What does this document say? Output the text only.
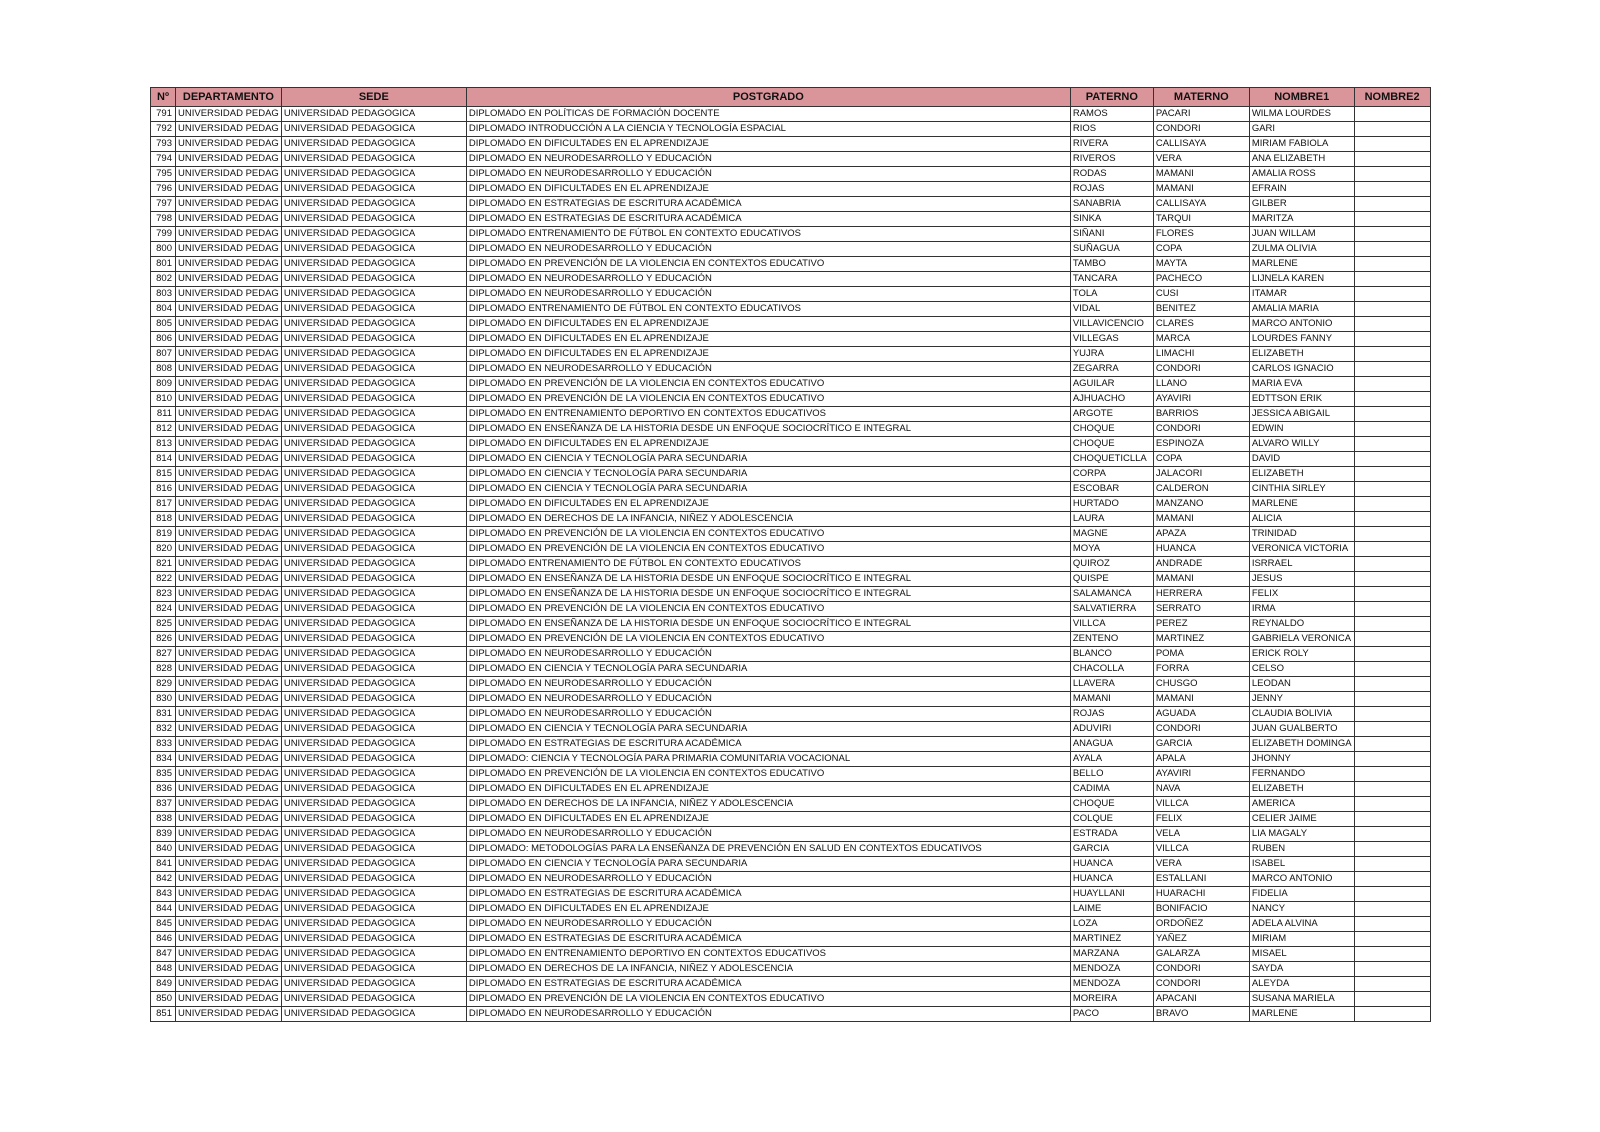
Nº	DEPARTAMENTO	SEDE	POSTGRADO	PATERNO	MATERNO	NOMBRE1	NOMBRE2
791	UNIVERSIDAD PEDAG	UNIVERSIDAD PEDAGOGICA	DIPLOMADO EN POLÍTICAS DE FORMACIÓN DOCENTE	RAMOS	PACARI	WILMA LOURDES	
792	UNIVERSIDAD PEDAG	UNIVERSIDAD PEDAGOGICA	DIPLOMADO INTRODUCCIÓN A LA CIENCIA Y TECNOLOGÍA ESPACIAL	RIOS	CONDORI	GARI	
793	UNIVERSIDAD PEDAG	UNIVERSIDAD PEDAGOGICA	DIPLOMADO EN DIFICULTADES EN EL APRENDIZAJE	RIVERA	CALLISAYA	MIRIAM FABIOLA	
794	UNIVERSIDAD PEDAG	UNIVERSIDAD PEDAGOGICA	DIPLOMADO EN NEURODESARROLLO Y EDUCACIÓN	RIVEROS	VERA	ANA ELIZABETH	
795	UNIVERSIDAD PEDAG	UNIVERSIDAD PEDAGOGICA	DIPLOMADO EN NEURODESARROLLO Y EDUCACIÓN	RODAS	MAMANI	AMALIA ROSS	
796	UNIVERSIDAD PEDAG	UNIVERSIDAD PEDAGOGICA	DIPLOMADO EN DIFICULTADES EN EL APRENDIZAJE	ROJAS	MAMANI	EFRAIN	
797	UNIVERSIDAD PEDAG	UNIVERSIDAD PEDAGOGICA	DIPLOMADO EN ESTRATEGIAS DE ESCRITURA ACADÉMICA	SANABRIA	CALLISAYA	GILBER	
798	UNIVERSIDAD PEDAG	UNIVERSIDAD PEDAGOGICA	DIPLOMADO EN ESTRATEGIAS DE ESCRITURA ACADÉMICA	SINKA	TARQUI	MARITZA	
799	UNIVERSIDAD PEDAG	UNIVERSIDAD PEDAGOGICA	DIPLOMADO ENTRENAMIENTO DE FÚTBOL EN CONTEXTO EDUCATIVOS	SIÑANI	FLORES	JUAN WILLAM	
800	UNIVERSIDAD PEDAG	UNIVERSIDAD PEDAGOGICA	DIPLOMADO EN NEURODESARROLLO Y EDUCACIÓN	SUÑAGUA	COPA	ZULMA OLIVIA	
801	UNIVERSIDAD PEDAG	UNIVERSIDAD PEDAGOGICA	DIPLOMADO EN PREVENCIÓN DE LA VIOLENCIA EN CONTEXTOS EDUCATIVO	TAMBO	MAYTA	MARLENE	
802	UNIVERSIDAD PEDAG	UNIVERSIDAD PEDAGOGICA	DIPLOMADO EN NEURODESARROLLO Y EDUCACIÓN	TANCARA	PACHECO	LIJNELA KAREN	
803	UNIVERSIDAD PEDAG	UNIVERSIDAD PEDAGOGICA	DIPLOMADO EN NEURODESARROLLO Y EDUCACIÓN	TOLA	CUSI	ITAMAR	
804	UNIVERSIDAD PEDAG	UNIVERSIDAD PEDAGOGICA	DIPLOMADO ENTRENAMIENTO DE FÚTBOL EN CONTEXTO EDUCATIVOS	VIDAL	BENITEZ	AMALIA MARIA	
805	UNIVERSIDAD PEDAG	UNIVERSIDAD PEDAGOGICA	DIPLOMADO EN DIFICULTADES EN EL APRENDIZAJE	VILLAVICENCIO	CLARES	MARCO ANTONIO	
806	UNIVERSIDAD PEDAG	UNIVERSIDAD PEDAGOGICA	DIPLOMADO EN DIFICULTADES EN EL APRENDIZAJE	VILLEGAS	MARCA	LOURDES FANNY	
807	UNIVERSIDAD PEDAG	UNIVERSIDAD PEDAGOGICA	DIPLOMADO EN DIFICULTADES EN EL APRENDIZAJE	YUJRA	LIMACHI	ELIZABETH	
808	UNIVERSIDAD PEDAG	UNIVERSIDAD PEDAGOGICA	DIPLOMADO EN NEURODESARROLLO Y EDUCACIÓN	ZEGARRA	CONDORI	CARLOS IGNACIO	
809	UNIVERSIDAD PEDAG	UNIVERSIDAD PEDAGOGICA	DIPLOMADO EN PREVENCIÓN DE LA VIOLENCIA EN CONTEXTOS EDUCATIVO	AGUILAR	LLANO	MARIA EVA	
810	UNIVERSIDAD PEDAG	UNIVERSIDAD PEDAGOGICA	DIPLOMADO EN PREVENCIÓN DE LA VIOLENCIA EN CONTEXTOS EDUCATIVO	AJHUACHO	AYAVIRI	EDTTSON ERIK	
811	UNIVERSIDAD PEDAG	UNIVERSIDAD PEDAGOGICA	DIPLOMADO EN ENTRENAMIENTO DEPORTIVO EN CONTEXTOS EDUCATIVOS	ARGOTE	BARRIOS	JESSICA ABIGAIL	
812	UNIVERSIDAD PEDAG	UNIVERSIDAD PEDAGOGICA	DIPLOMADO EN ENSEÑANZA DE LA HISTORIA DESDE UN ENFOQUE SOCIOCRÍTICO E INTEGRAL	CHOQUE	CONDORI	EDWIN	
813	UNIVERSIDAD PEDAG	UNIVERSIDAD PEDAGOGICA	DIPLOMADO EN DIFICULTADES EN EL APRENDIZAJE	CHOQUE	ESPINOZA	ALVARO WILLY	
814	UNIVERSIDAD PEDAG	UNIVERSIDAD PEDAGOGICA	DIPLOMADO EN CIENCIA Y TECNOLOGÍA PARA SECUNDARIA	CHOQUETICLLA	COPA	DAVID	
815	UNIVERSIDAD PEDAG	UNIVERSIDAD PEDAGOGICA	DIPLOMADO EN CIENCIA Y TECNOLOGÍA PARA SECUNDARIA	CORPA	JALACORI	ELIZABETH	
816	UNIVERSIDAD PEDAG	UNIVERSIDAD PEDAGOGICA	DIPLOMADO EN CIENCIA Y TECNOLOGÍA PARA SECUNDARIA	ESCOBAR	CALDERON	CINTHIA SIRLEY	
817	UNIVERSIDAD PEDAG	UNIVERSIDAD PEDAGOGICA	DIPLOMADO EN DIFICULTADES EN EL APRENDIZAJE	HURTADO	MANZANO	MARLENE	
818	UNIVERSIDAD PEDAG	UNIVERSIDAD PEDAGOGICA	DIPLOMADO EN DERECHOS DE LA INFANCIA, NIÑEZ Y ADOLESCENCIA	LAURA	MAMANI	ALICIA	
819	UNIVERSIDAD PEDAG	UNIVERSIDAD PEDAGOGICA	DIPLOMADO EN PREVENCIÓN DE LA VIOLENCIA EN CONTEXTOS EDUCATIVO	MAGNE	APAZA	TRINIDAD	
820	UNIVERSIDAD PEDAG	UNIVERSIDAD PEDAGOGICA	DIPLOMADO EN PREVENCIÓN DE LA VIOLENCIA EN CONTEXTOS EDUCATIVO	MOYA	HUANCA	VERONICA VICTORIA	
821	UNIVERSIDAD PEDAG	UNIVERSIDAD PEDAGOGICA	DIPLOMADO ENTRENAMIENTO DE FÚTBOL EN CONTEXTO EDUCATIVOS	QUIROZ	ANDRADE	ISRRAEL	
822	UNIVERSIDAD PEDAG	UNIVERSIDAD PEDAGOGICA	DIPLOMADO EN ENSEÑANZA DE LA HISTORIA DESDE UN ENFOQUE SOCIOCRÍTICO E INTEGRAL	QUISPE	MAMANI	JESUS	
823	UNIVERSIDAD PEDAG	UNIVERSIDAD PEDAGOGICA	DIPLOMADO EN ENSEÑANZA DE LA HISTORIA DESDE UN ENFOQUE SOCIOCRÍTICO E INTEGRAL	SALAMANCA	HERRERA	FELIX	
824	UNIVERSIDAD PEDAG	UNIVERSIDAD PEDAGOGICA	DIPLOMADO EN PREVENCIÓN DE LA VIOLENCIA EN CONTEXTOS EDUCATIVO	SALVATIERRA	SERRATO	IRMA	
825	UNIVERSIDAD PEDAG	UNIVERSIDAD PEDAGOGICA	DIPLOMADO EN ENSEÑANZA DE LA HISTORIA DESDE UN ENFOQUE SOCIOCRÍTICO E INTEGRAL	VILLCA	PEREZ	REYNALDO	
826	UNIVERSIDAD PEDAG	UNIVERSIDAD PEDAGOGICA	DIPLOMADO EN PREVENCIÓN DE LA VIOLENCIA EN CONTEXTOS EDUCATIVO	ZENTENO	MARTINEZ	GABRIELA VERONICA	
827	UNIVERSIDAD PEDAG	UNIVERSIDAD PEDAGOGICA	DIPLOMADO EN NEURODESARROLLO Y EDUCACIÓN	BLANCO	POMA	ERICK ROLY	
828	UNIVERSIDAD PEDAG	UNIVERSIDAD PEDAGOGICA	DIPLOMADO EN CIENCIA Y TECNOLOGÍA PARA SECUNDARIA	CHACOLLA	FORRA	CELSO	
829	UNIVERSIDAD PEDAG	UNIVERSIDAD PEDAGOGICA	DIPLOMADO EN NEURODESARROLLO Y EDUCACIÓN	LLAVERA	CHUSGO	LEODAN	
830	UNIVERSIDAD PEDAG	UNIVERSIDAD PEDAGOGICA	DIPLOMADO EN NEURODESARROLLO Y EDUCACIÓN	MAMANI	MAMANI	JENNY	
831	UNIVERSIDAD PEDAG	UNIVERSIDAD PEDAGOGICA	DIPLOMADO EN NEURODESARROLLO Y EDUCACIÓN	ROJAS	AGUADA	CLAUDIA BOLIVIA	
832	UNIVERSIDAD PEDAG	UNIVERSIDAD PEDAGOGICA	DIPLOMADO EN CIENCIA Y TECNOLOGÍA PARA SECUNDARIA	ADUVIRI	CONDORI	JUAN GUALBERTO	
833	UNIVERSIDAD PEDAG	UNIVERSIDAD PEDAGOGICA	DIPLOMADO EN ESTRATEGIAS DE ESCRITURA ACADÉMICA	ANAGUA	GARCIA	ELIZABETH DOMINGA	
834	UNIVERSIDAD PEDAG	UNIVERSIDAD PEDAGOGICA	DIPLOMADO: CIENCIA Y TECNOLOGÍA PARA PRIMARIA COMUNITARIA VOCACIONAL	AYALA	APALA	JHONNY	
835	UNIVERSIDAD PEDAG	UNIVERSIDAD PEDAGOGICA	DIPLOMADO EN PREVENCIÓN DE LA VIOLENCIA EN CONTEXTOS EDUCATIVO	BELLO	AYAVIRI	FERNANDO	
836	UNIVERSIDAD PEDAG	UNIVERSIDAD PEDAGOGICA	DIPLOMADO EN DIFICULTADES EN EL APRENDIZAJE	CADIMA	NAVA	ELIZABETH	
837	UNIVERSIDAD PEDAG	UNIVERSIDAD PEDAGOGICA	DIPLOMADO EN DERECHOS DE LA INFANCIA, NIÑEZ Y ADOLESCENCIA	CHOQUE	VILLCA	AMERICA	
838	UNIVERSIDAD PEDAG	UNIVERSIDAD PEDAGOGICA	DIPLOMADO EN DIFICULTADES EN EL APRENDIZAJE	COLQUE	FELIX	CELIER JAIME	
839	UNIVERSIDAD PEDAG	UNIVERSIDAD PEDAGOGICA	DIPLOMADO EN NEURODESARROLLO Y EDUCACIÓN	ESTRADA	VELA	LIA MAGALY	
840	UNIVERSIDAD PEDAG	UNIVERSIDAD PEDAGOGICA	DIPLOMADO: METODOLOGÍAS PARA LA ENSEÑANZA DE PREVENCIÓN EN SALUD EN CONTEXTOS EDUCATIVOS	GARCIA	VILLCA	RUBEN	
841	UNIVERSIDAD PEDAG	UNIVERSIDAD PEDAGOGICA	DIPLOMADO EN CIENCIA Y TECNOLOGÍA PARA SECUNDARIA	HUANCA	VERA	ISABEL	
842	UNIVERSIDAD PEDAG	UNIVERSIDAD PEDAGOGICA	DIPLOMADO EN NEURODESARROLLO Y EDUCACIÓN	HUANCA	ESTALLANI	MARCO ANTONIO	
843	UNIVERSIDAD PEDAG	UNIVERSIDAD PEDAGOGICA	DIPLOMADO EN ESTRATEGIAS DE ESCRITURA ACADÉMICA	HUAYLLANI	HUARACHI	FIDELIA	
844	UNIVERSIDAD PEDAG	UNIVERSIDAD PEDAGOGICA	DIPLOMADO EN DIFICULTADES EN EL APRENDIZAJE	LAIME	BONIFACIO	NANCY	
845	UNIVERSIDAD PEDAG	UNIVERSIDAD PEDAGOGICA	DIPLOMADO EN NEURODESARROLLO Y EDUCACIÓN	LOZA	ORDOÑEZ	ADELA ALVINA	
846	UNIVERSIDAD PEDAG	UNIVERSIDAD PEDAGOGICA	DIPLOMADO EN ESTRATEGIAS DE ESCRITURA ACADÉMICA	MARTINEZ	YAÑEZ	MIRIAM	
847	UNIVERSIDAD PEDAG	UNIVERSIDAD PEDAGOGICA	DIPLOMADO EN ENTRENAMIENTO DEPORTIVO EN CONTEXTOS EDUCATIVOS	MARZANA	GALARZA	MISAEL	
848	UNIVERSIDAD PEDAG	UNIVERSIDAD PEDAGOGICA	DIPLOMADO EN DERECHOS DE LA INFANCIA, NIÑEZ Y ADOLESCENCIA	MENDOZA	CONDORI	SAYDA	
849	UNIVERSIDAD PEDAG	UNIVERSIDAD PEDAGOGICA	DIPLOMADO EN ESTRATEGIAS DE ESCRITURA ACADÉMICA	MENDOZA	CONDORI	ALEYDA	
850	UNIVERSIDAD PEDAG	UNIVERSIDAD PEDAGOGICA	DIPLOMADO EN PREVENCIÓN DE LA VIOLENCIA EN CONTEXTOS EDUCATIVO	MOREIRA	APACANI	SUSANA MARIELA	
851	UNIVERSIDAD PEDAG	UNIVERSIDAD PEDAGOGICA	DIPLOMADO EN NEURODESARROLLO Y EDUCACIÓN	PACO	BRAVO	MARLENE	
